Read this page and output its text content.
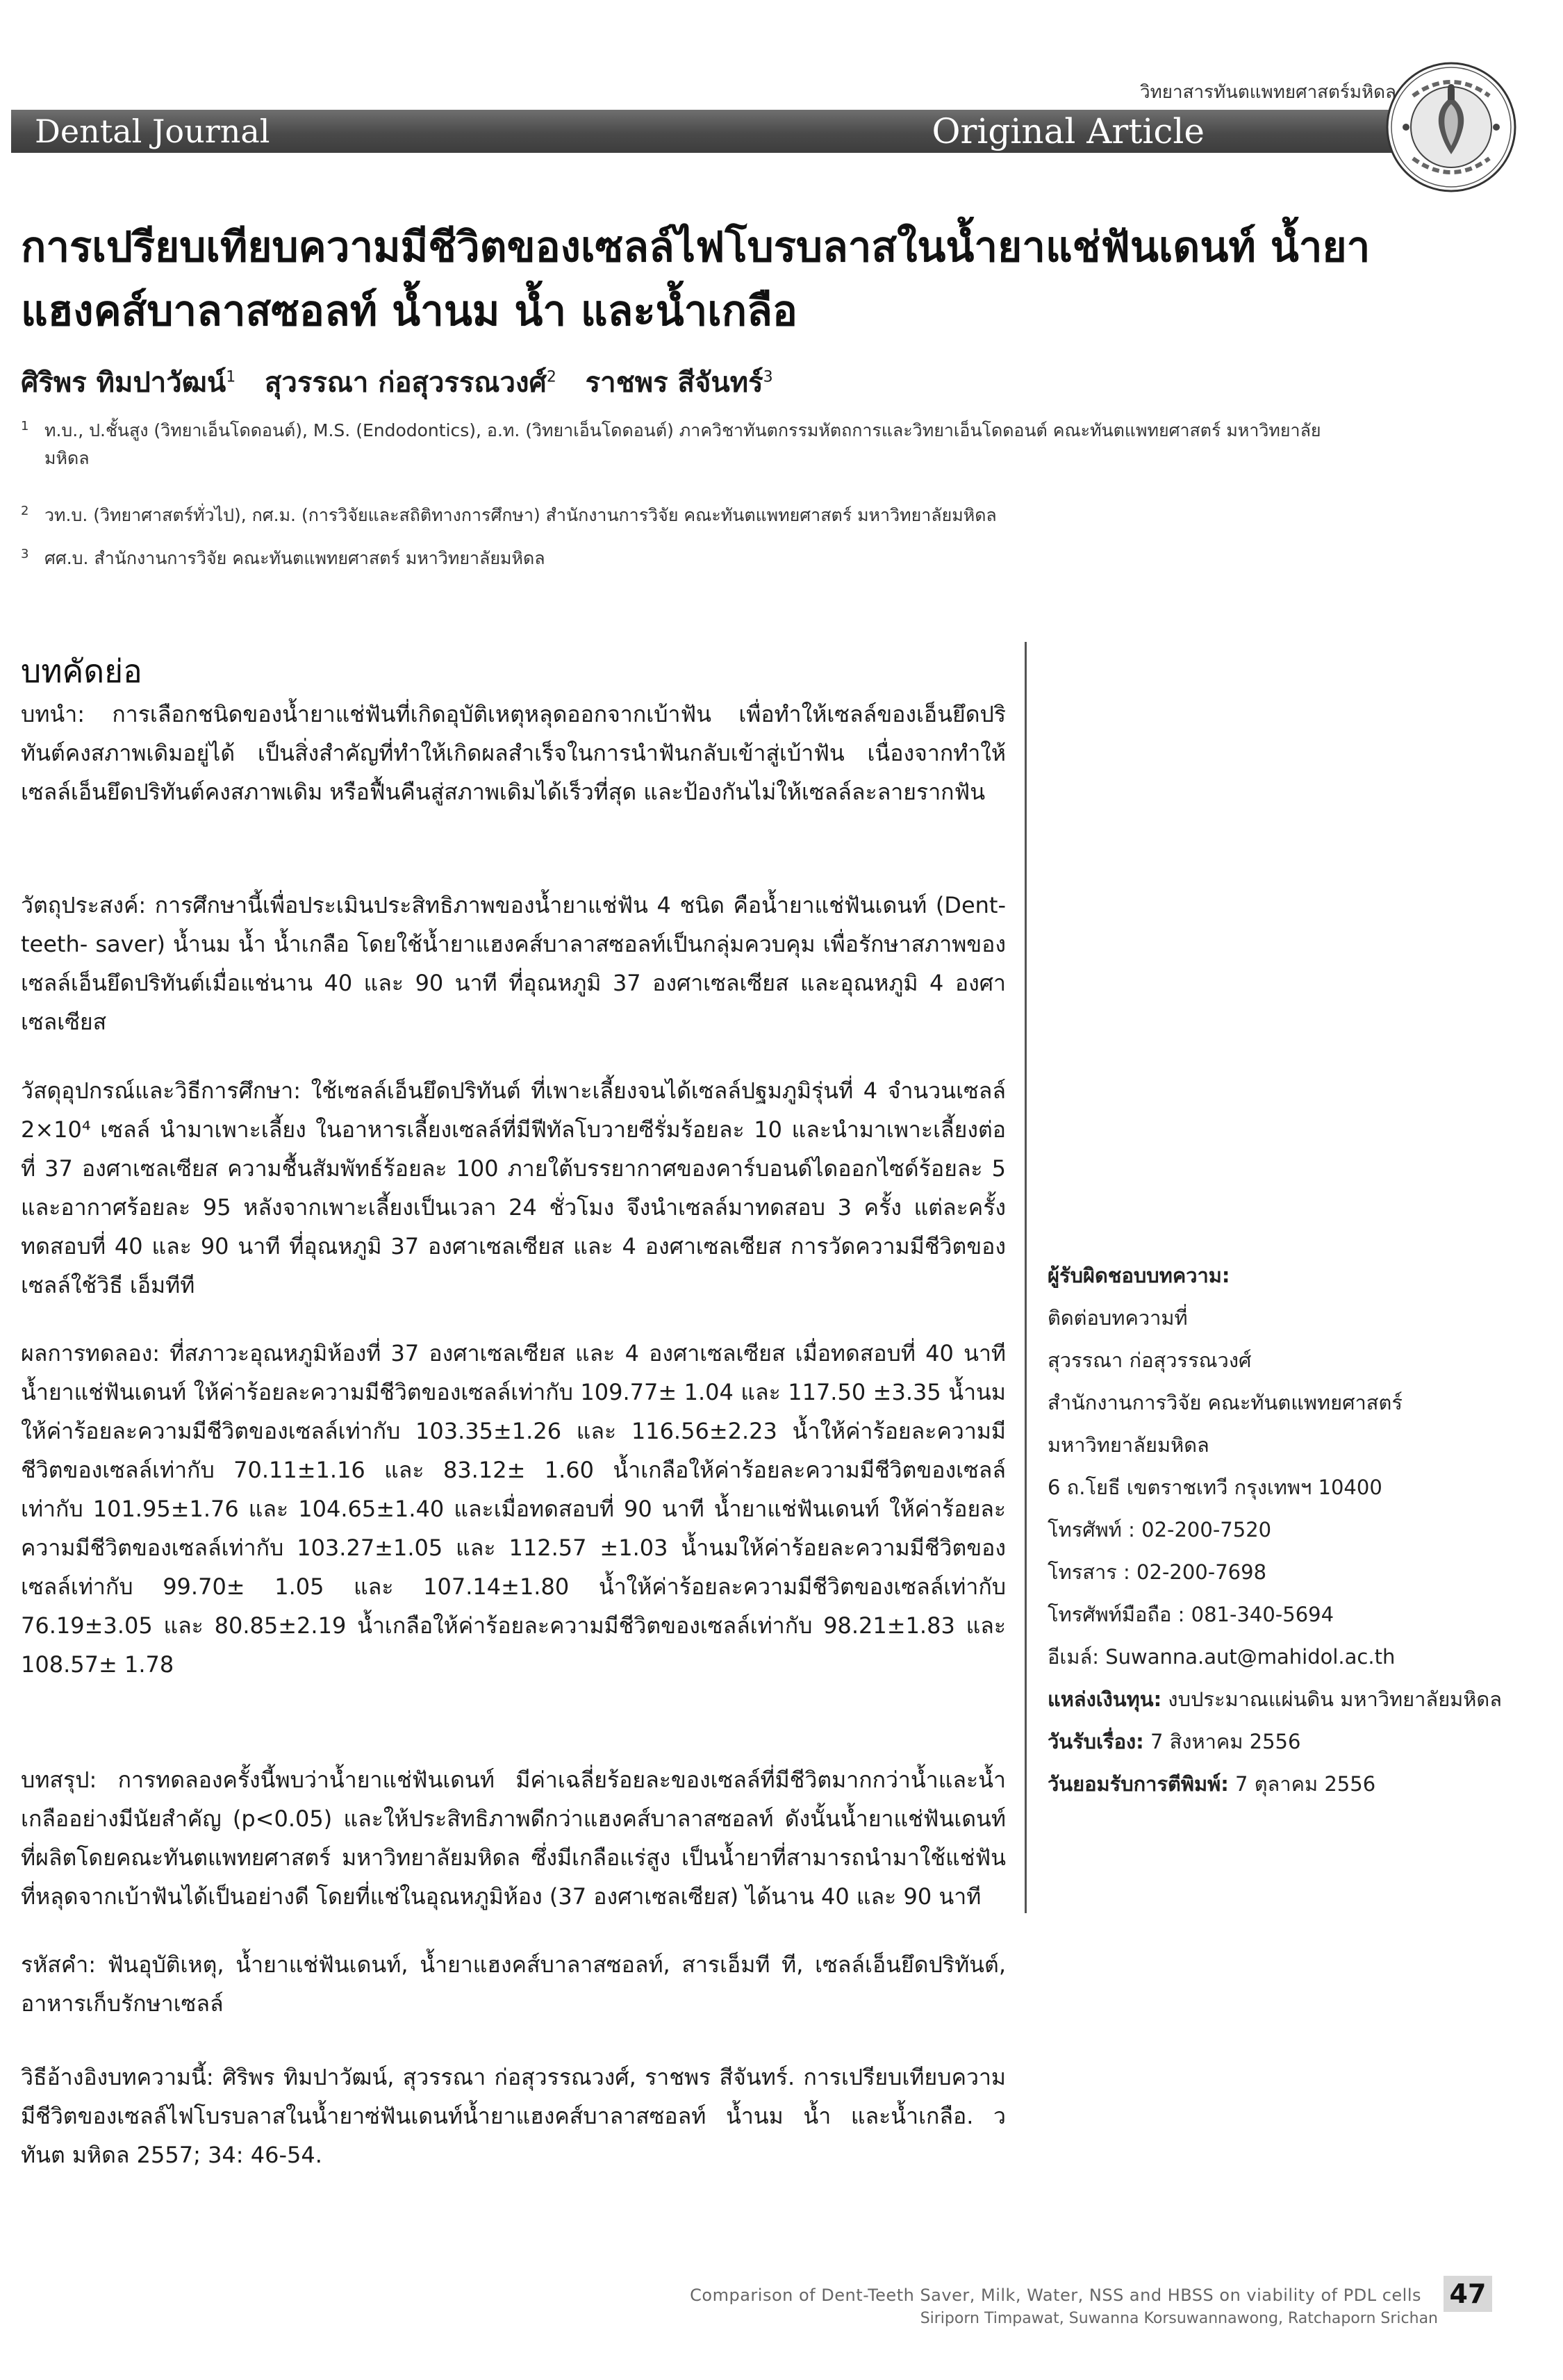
วิทยาสารทันตแพทยศาสตร์มหิดล
Dental Journal	Original Article
การเปรียบเทียบความมีชีวิตของเซลล์ไฟโบรบลาสในน้ำยาแช่ฟันเดนท์ น้ำยาแฮงคส์บาลาสซอลท์ น้ำนม น้ำ และน้ำเกลือ
ศิริพร ทิมปาวัฒน์$^1$ สุวรรณา ก่อสุวรรณวงศ์$^2$ ราชพร สีจันทร์$^3$
1 ท.บ., ป.ชั้นสูง (วิทยาเอ็นโดดอนต์), M.S. (Endodontics), อ.ท. (วิทยาเอ็นโดดอนต์) ภาควิชาทันตกรรมหัตถการและวิทยาเอ็นโดดอนต์ คณะทันตแพทยศาสตร์ มหาวิทยาลัยมหิดล
2 วท.บ. (วิทยาศาสตร์ทั่วไป), กศ.ม. (การวิจัยและสถิติทางการศึกษา) สำนักงานการวิจัย คณะทันตแพทยศาสตร์ มหาวิทยาลัยมหิดล
3 ศศ.บ. สำนักงานการวิจัย คณะทันตแพทยศาสตร์ มหาวิทยาลัยมหิดล
บทคัดย่อ
บทนำ: การเลือกชนิดของน้ำยาแช่ฟันที่เกิดอุบัติเหตุหลุดออกจากเบ้าฟัน เพื่อทำให้เซลล์ของเอ็นยึดปริทันต์คงสภาพเดิมอยู่ได้ เป็นสิ่งสำคัญที่ทำให้เกิดผลสำเร็จในการนำฟันกลับเข้าสู่เบ้าฟัน เนื่องจากทำให้เซลล์เอ็นยึดปริทันต์คงสภาพเดิม หรือฟื้นคืนสู่สภาพเดิมได้เร็วที่สุด และป้องกันไม่ให้เซลล์ละลายรากฟัน
วัตถุประสงค์: การศึกษานี้เพื่อประเมินประสิทธิภาพของน้ำยาแช่ฟัน 4 ชนิด คือน้ำยาแช่ฟันเดนท์ (Dent-teeth- saver) น้ำนม น้ำ น้ำเกลือ โดยใช้น้ำยาแฮงคส์บาลาสซอลท์เป็นกลุ่มควบคุม เพื่อรักษาสภาพของเซลล์เอ็นยึดปริทันต์เมื่อแช่นาน 40 และ 90 นาที ที่อุณหภูมิ 37 องศาเซลเซียส และอุณหภูมิ 4 องศาเซลเซียส
วัสดุอุปกรณ์และวิธีการศึกษา: ใช้เซลล์เอ็นยึดปริทันต์ ที่เพาะเลี้ยงจนได้เซลล์ปฐมภูมิรุ่นที่ 4 จำนวนเซลล์ 2×10⁴ เซลล์ นำมาเพาะเลี้ยง ในอาหารเลี้ยงเซลล์ที่มีฟีทัลโบวายซีรั่มร้อยละ 10 และนำมาเพาะเลี้ยงต่อที่ 37 องศาเซลเซียส ความชื้นสัมพัทธ์ร้อยละ 100 ภายใต้บรรยากาศของคาร์บอนด์ไดออกไซด์ร้อยละ 5 และอากาศร้อยละ 95 หลังจากเพาะเลี้ยงเป็นเวลา 24 ชั่วโมง จึงนำเซลล์มาทดสอบ 3 ครั้ง แต่ละครั้งทดสอบที่ 40 และ 90 นาที ที่อุณหภูมิ 37 องศาเซลเซียส และ 4 องศาเซลเซียส การวัดความมีชีวิตของเซลล์ใช้วิธี เอ็มทีที
ผลการทดลอง: ที่สภาวะอุณหภูมิห้องที่ 37 องศาเซลเซียส และ 4 องศาเซลเซียส เมื่อทดสอบที่ 40 นาที น้ำยาแช่ฟันเดนท์ ให้ค่าร้อยละความมีชีวิตของเซลล์เท่ากับ 109.77± 1.04 และ 117.50 ±3.35 น้ำนมให้ค่าร้อยละความมีชีวิตของเซลล์เท่ากับ 103.35±1.26 และ 116.56±2.23 น้ำให้ค่าร้อยละความมีชีวิตของเซลล์เท่ากับ 70.11±1.16 และ 83.12± 1.60 น้ำเกลือให้ค่าร้อยละความมีชีวิตของเซลล์เท่ากับ 101.95±1.76 และ 104.65±1.40 และเมื่อทดสอบที่ 90 นาที น้ำยาแช่ฟันเดนท์ ให้ค่าร้อยละความมีชีวิตของเซลล์เท่ากับ 103.27±1.05 และ 112.57 ±1.03 น้ำนมให้ค่าร้อยละความมีชีวิตของเซลล์เท่ากับ 99.70± 1.05 และ 107.14±1.80 น้ำให้ค่าร้อยละความมีชีวิตของเซลล์เท่ากับ 76.19±3.05 และ 80.85±2.19 น้ำเกลือให้ค่าร้อยละความมีชีวิตของเซลล์เท่ากับ 98.21±1.83 และ 108.57± 1.78
บทสรุป: การทดลองครั้งนี้พบว่าน้ำยาแช่ฟันเดนท์ มีค่าเฉลี่ยร้อยละของเซลล์ที่มีชีวิตมากกว่าน้ำและน้ำเกลืออย่างมีนัยสำคัญ (p<0.05) และให้ประสิทธิภาพดีกว่าแฮงคส์บาลาสซอลท์ ดังนั้นน้ำยาแช่ฟันเดนท์ที่ผลิตโดยคณะทันตแพทยศาสตร์ มหาวิทยาลัยมหิดล ซึ่งมีเกลือแร่สูง เป็นน้ำยาที่สามารถนำมาใช้แช่ฟันที่หลุดจากเบ้าฟันได้เป็นอย่างดี โดยที่แช่ในอุณหภูมิห้อง (37 องศาเซลเซียส) ได้นาน 40 และ 90 นาที
รหัสคำ: ฟันอุบัติเหตุ, น้ำยาแช่ฟันเดนท์, น้ำยาแฮงคส์บาลาสซอลท์, สารเอ็มที ที, เซลล์เอ็นยึดปริทันต์, อาหารเก็บรักษาเซลล์
วิธีอ้างอิงบทความนี้: ศิริพร ทิมปาวัฒน์, สุวรรณา ก่อสุวรรณวงศ์, ราชพร สีจันทร์. การเปรียบเทียบความมีชีวิตของเซลล์ไฟโบรบลาสในน้ำยาซ่ฟันเดนท์น้ำยาแฮงคส์บาลาสซอลท์ น้ำนม น้ำ และน้ำเกลือ. ว ทันต มหิดล 2557; 34: 46-54.
ผู้รับผิดชอบบทความ:
ติดต่อบทความที่
สุวรรณา ก่อสุวรรณวงศ์
สำนักงานการวิจัย คณะทันตแพทยศาสตร์
มหาวิทยาลัยมหิดล
6 ถ.โยธี เขตราชเทวี กรุงเทพฯ 10400
โทรศัพท์ : 02-200-7520
โทรสาร : 02-200-7698
โทรศัพท์มือถือ : 081-340-5694
อีเมล์: Suwanna.aut@mahidol.ac.th
แหล่งเงินทุน: งบประมาณแผ่นดิน มหาวิทยาลัยมหิดล
วันรับเรื่อง: 7 สิงหาคม 2556
วันยอมรับการตีพิมพ์: 7 ตุลาคม 2556
Comparison of Dent-Teeth Saver, Milk, Water, NSS and HBSS on viability of PDL cells
Siriporn Timpawat, Suwanna Korsuwannawong, Ratchaporn Srichan
47
